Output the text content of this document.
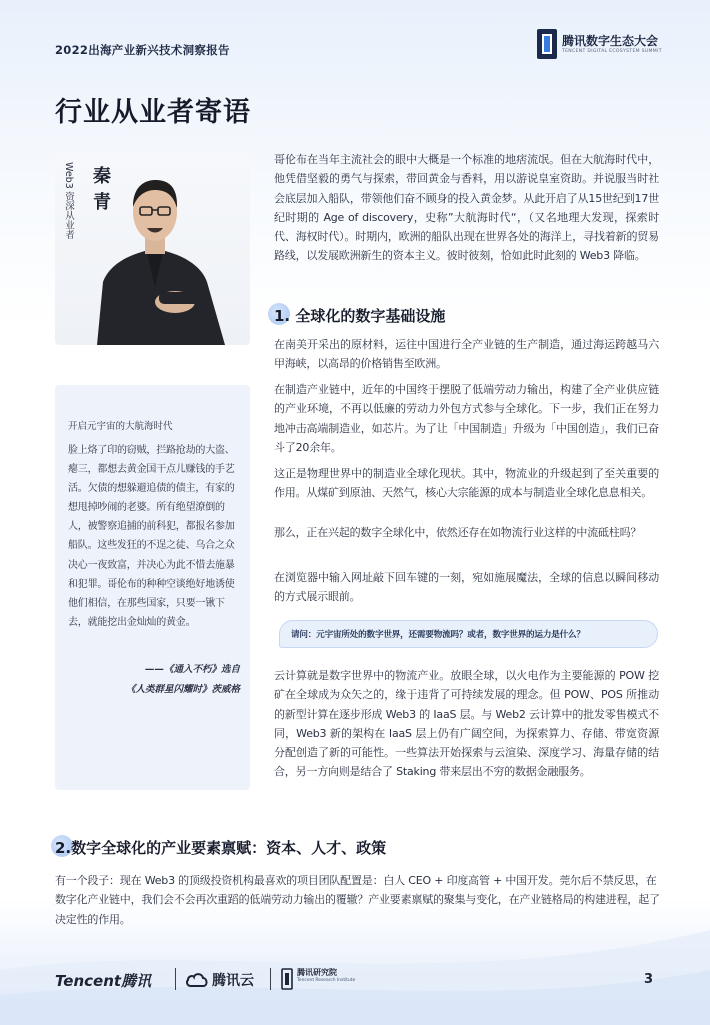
2022出海产业新兴技术洞察报告
腾讯数字生态大会
TENCENT DIGITAL ECOSYSTEM SUMMIT
行业从业者寄语
秦
青
Web3 资深从业者
开启元宇宙的大航海时代
脸上烙了印的窃贼，拦路抢劫的大盗、瘪三，都想去黄金国干点儿赚钱的手艺活。欠债的想躲避追债的债主，有家的想甩掉吵闹的老婆。所有绝望潦倒的人，被警察追捕的前科犯，都报名参加船队。这些发狂的不逞之徒、乌合之众决心一夜致富，并决心为此不惜去施暴和犯罪。哥伦布的种种空谈绝好地诱使他们相信，在那些国家，只要一锹下去，就能挖出金灿灿的黄金。
——《通入不朽》选自
《人类群星闪耀时》茨威格
哥伦布在当年主流社会的眼中大概是一个标准的地痞流氓。但在大航海时代中，他凭借坚毅的勇气与探索，带回黄金与香料，用以游说皇室资助。并说服当时社会底层加入船队，带领他们奋不顾身的投入黄金梦。从此开启了从15世纪到17世纪时期的 Age of discovery，史称”大航海时代“，（又名地理大发现，探索时代、海权时代）。时期内，欧洲的船队出现在世界各处的海洋上，寻找着新的贸易路线，以发展欧洲新生的资本主义。彼时彼刻，恰如此时此刻的 Web3 降临。
1. 全球化的数字基础设施
在南美开采出的原材料，运往中国进行全产业链的生产制造，通过海运跨越马六甲海峡，以高昂的价格销售至欧洲。
在制造产业链中，近年的中国终于摆脱了低端劳动力输出，构建了全产业供应链的产业环境，不再以低廉的劳动力外包方式参与全球化。下一步，我们正在努力地冲击高端制造业，如芯片。为了让「中国制造」升级为「中国创造」，我们已奋斗了20余年。
这正是物理世界中的制造业全球化现状。其中，物流业的升级起到了至关重要的作用。从煤矿到原油、天然气，核心大宗能源的成本与制造业全球化息息相关。
那么，正在兴起的数字全球化中，依然还存在如物流行业这样的中流砥柱吗？
在浏览器中输入网址敲下回车键的一刻，宛如施展魔法，全球的信息以瞬间移动的方式展示眼前。
请问：元宇宙所处的数字世界，还需要物流吗？或者，数字世界的运力是什么？
云计算就是数字世界中的物流产业。放眼全球，以火电作为主要能源的 POW 挖矿在全球成为众矢之的，缘于违背了可持续发展的理念。但 POW、POS 所推动的新型计算在逐步形成 Web3 的 IaaS 层。与 Web2 云计算中的批发零售模式不同，Web3 新的架构在 IaaS 层上仍有广阔空间，为探索算力、存储、带宽资源分配创造了新的可能性。一些算法开始探索与云渲染、深度学习、海量存储的结合，另一方向则是结合了 Staking 带来层出不穷的数据金融服务。
2.数字全球化的产业要素禀赋：资本、人才、政策
有一个段子：现在 Web3 的顶级投资机构最喜欢的项目团队配置是：白人 CEO + 印度高管 + 中国开发。莞尔后不禁反思，在数字化产业链中，我们会不会再次重蹈的低端劳动力输出的覆辙？产业要素禀赋的聚集与变化，在产业链格局的构建进程，起了决定性的作用。
Tencent腾讯	腾讯云
腾讯研究院
Tencent Research Institute	3
